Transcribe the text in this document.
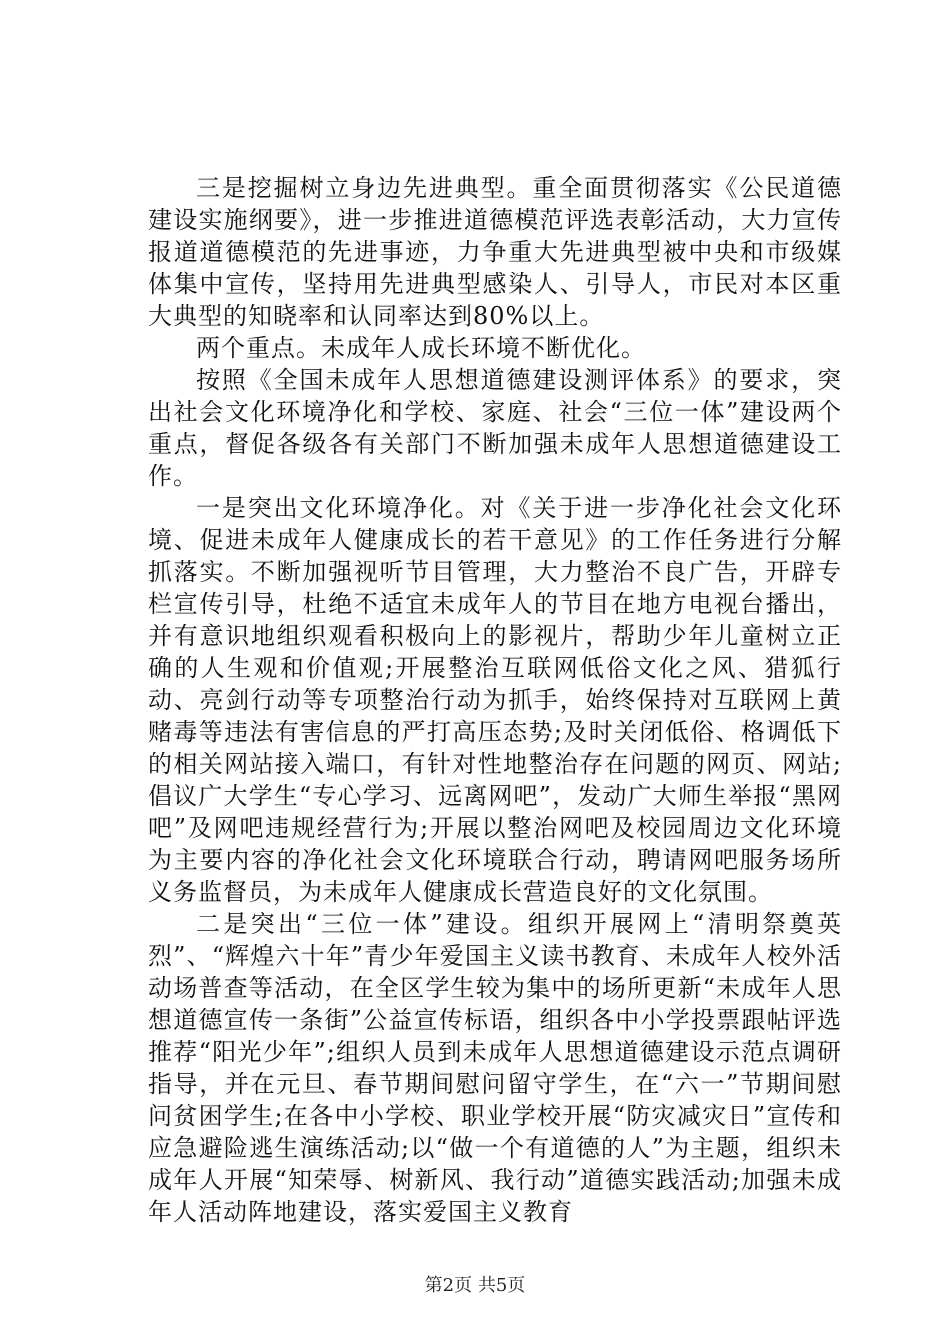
三是挖掘树立身边先进典型。重全面贯彻落实《公民道德建设实施纲要》，进一步推进道德模范评选表彰活动，大力宣传报道道德模范的先进事迹，力争重大先进典型被中央和市级媒体集中宣传，坚持用先进典型感染人、引导人，市民对本区重大典型的知晓率和认同率达到80%以上。

两个重点。未成年人成长环境不断优化。

按照《全国未成年人思想道德建设测评体系》的要求，突出社会文化环境净化和学校、家庭、社会“三位一体”建设两个重点，督促各级各有关部门不断加强未成年人思想道德建设工作。

一是突出文化环境净化。对《关于进一步净化社会文化环境、促进未成年人健康成长的若干意见》的工作任务进行分解抓落实。不断加强视听节目管理，大力整治不良广告，开辟专栏宣传引导，杜绝不适宜未成年人的节目在地方电视台播出，并有意识地组织观看积极向上的影视片，帮助少年儿童树立正确的人生观和价值观;开展整治互联网低俗文化之风、猎狐行动、亮剑行动等专项整治行动为抓手，始终保持对互联网上黄赌毒等违法有害信息的严打高压态势;及时关闭低俗、格调低下的相关网站接入端口，有针对性地整治存在问题的网页、网站;倡议广大学生“专心学习、远离网吧”，发动广大师生举报“黑网吧”及网吧违规经营行为;开展以整治网吧及校园周边文化环境为主要内容的净化社会文化环境联合行动，聘请网吧服务场所义务监督员，为未成年人健康成长营造良好的文化氛围。

二是突出“三位一体”建设。组织开展网上“清明祭奠英烈”、“辉煌六十年”青少年爱国主义读书教育、未成年人校外活动场普查等活动，在全区学生较为集中的场所更新“未成年人思想道德宣传一条街”公益宣传标语，组织各中小学投票跟帖评选推荐“阳光少年”;组织人员到未成年人思想道德建设示范点调研指导，并在元旦、春节期间慰问留守学生，在“六一”节期间慰问贫困学生;在各中小学校、职业学校开展“防灾减灾日”宣传和应急避险逃生演练活动;以“做一个有道德的人”为主题，组织未成年人开展“知荣辱、树新风、我行动”道德实践活动;加强未成年人活动阵地建设，落实爱国主义教育

第2页 共5页
